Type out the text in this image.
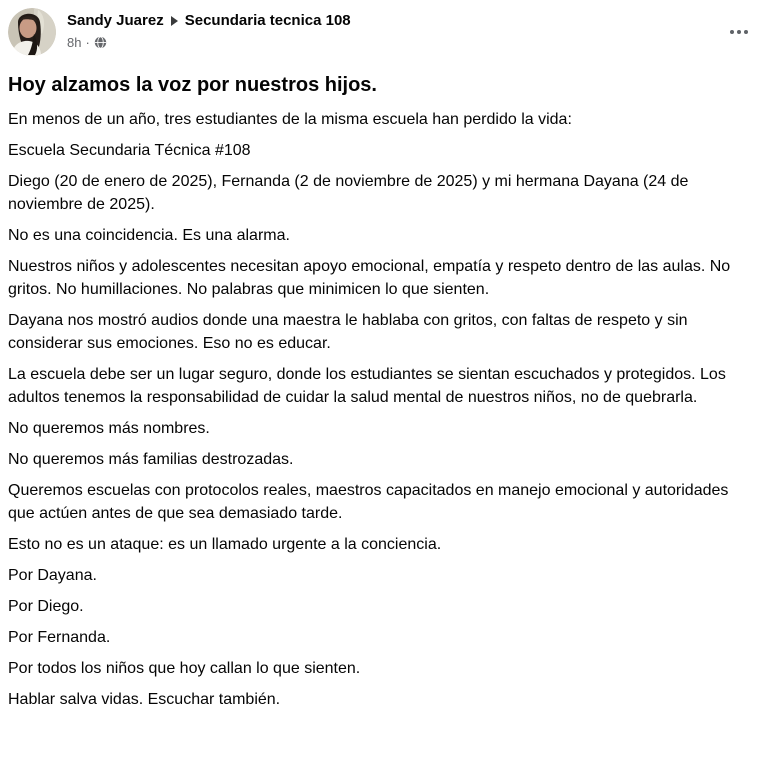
Sandy Juarez Secundaria tecnica 108
8h ·
Hoy alzamos la voz por nuestros hijos.

En menos de un año, tres estudiantes de la misma escuela han perdido la vida:

Escuela Secundaria Técnica #108

Diego (20 de enero de 2025), Fernanda (2 de noviembre de 2025) y mi hermana Dayana (24 de noviembre de 2025).

No es una coincidencia. Es una alarma.

Nuestros niños y adolescentes necesitan apoyo emocional, empatía y respeto dentro de las aulas. No gritos. No humillaciones. No palabras que minimicen lo que sienten.

Dayana nos mostró audios donde una maestra le hablaba con gritos, con faltas de respeto y sin considerar sus emociones. Eso no es educar.

La escuela debe ser un lugar seguro, donde los estudiantes se sientan escuchados y protegidos. Los adultos tenemos la responsabilidad de cuidar la salud mental de nuestros niños, no de quebrarla.

No queremos más nombres.

No queremos más familias destrozadas.

Queremos escuelas con protocolos reales, maestros capacitados en manejo emocional y autoridades que actúen antes de que sea demasiado tarde.

Esto no es un ataque: es un llamado urgente a la conciencia.

Por Dayana.

Por Diego.

Por Fernanda.

Por todos los niños que hoy callan lo que sienten.

Hablar salva vidas. Escuchar también.
